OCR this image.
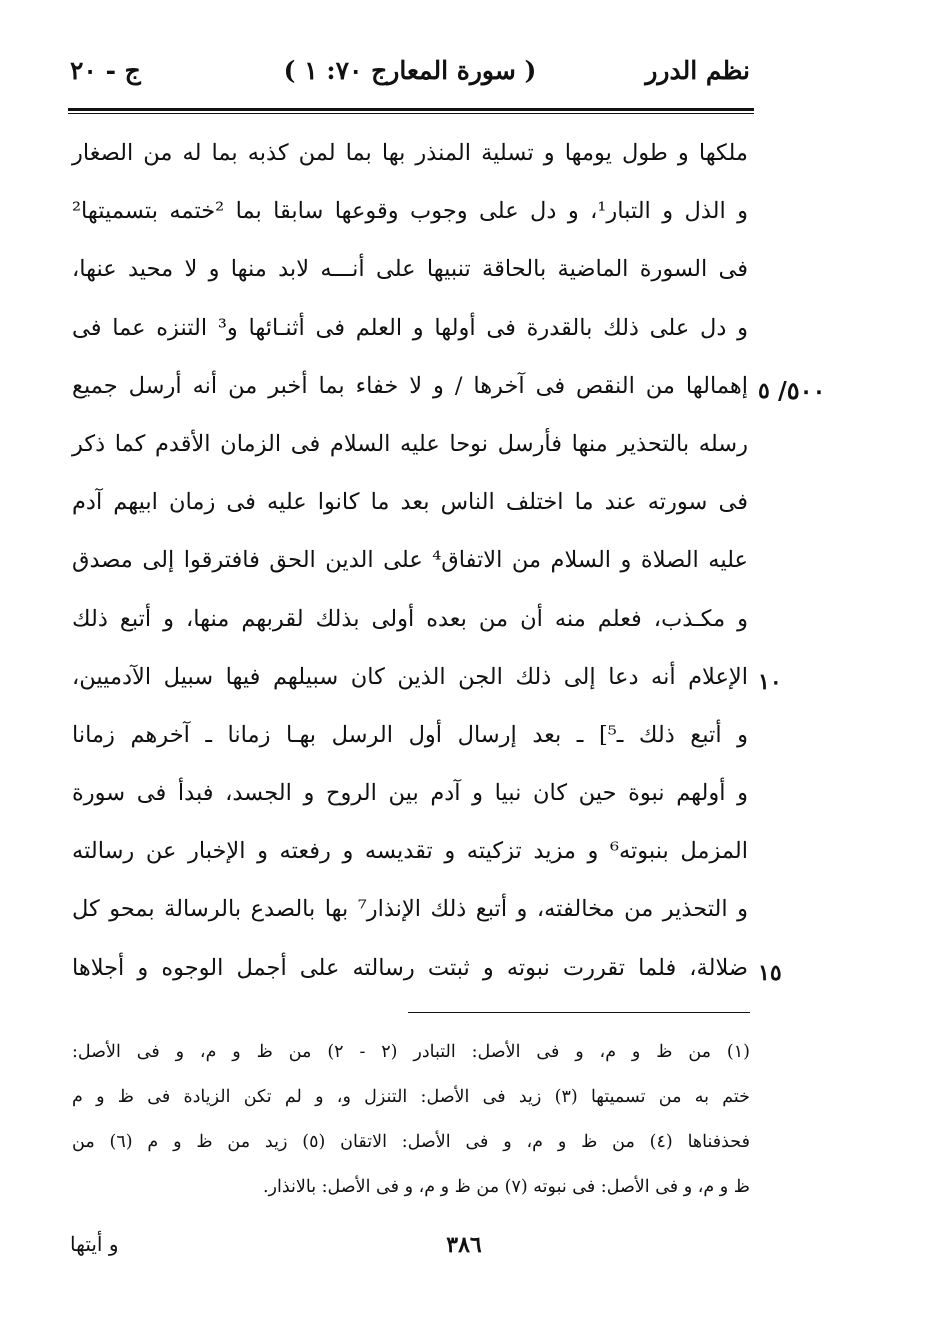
نظم الدرر
( سورة المعارج ٧٠: ١ )
ج - ٢٠
/٥٠٠
ملكها و طول يومها و تسلية المنذر بها بما لمن كذبه بما له من الصغار
و الذل و التبار¹، و دل على وجوب وقوعها سابقا بما ²ختمه بتسميتها²
فى السورة الماضية بالحاقة تنبيها على أنـــه لابد منها و لا محيد عنها،
و دل على ذلك بالقدرة فى أولها و العلم فى أثنـائها و³ التنزه عما فى
إهمالها من النقص فى آخرها / و لا خفاء بما أخبر من أنه أرسل جميع
رسله بالتحذير منها فأرسل نوحا عليه السلام فى الزمان الأقدم كما ذكر
فى سورته عند ما اختلف الناس بعد ما كانوا عليه فى زمان ابيهم آدم
عليه الصلاة و السلام من الاتفاق⁴ على الدين الحق فافترقوا إلى مصدق
و مكـذب، فعلم منه أن من بعده أولى بذلك لقربهم منها، و أتبع ذلك
الإعلام أنه دعا إلى ذلك الجن الذين كان سبيلهم فيها سبيل الآدميين،
و أتبع ذلك ـ⁵] ـ بعد إرسال أول الرسل بهـا زمانا ـ آخرهم زمانا
و أولهم نبوة حين كان نبيا و آدم بين الروح و الجسد، فبدأ فى سورة
المزمل بنبوته⁶ و مزيد تزكيته و تقديسه و رفعته و الإخبار عن رسالته
و التحذير من مخالفته، و أتبع ذلك الإنذار⁷ بها بالصدع بالرسالة بمحو كل
ضلالة، فلما تقررت نبوته و ثبتت رسالته على أجمل الوجوه و أجلاها
٥
١٠
١٥
(١) من ظ و م، و فى الأصل: التبادر (٢ - ٢) من ظ و م، و فى الأصل:
ختم به من تسميتها (٣) زيد فى الأصل: التنزل و، و لم تكن الزيادة فى ظ و م
فحذفناها (٤) من ظ و م، و فى الأصل: الاتقان (٥) زيد من ظ و م (٦) من
ظ و م، و فى الأصل: فى نبوته (٧) من ظ و م، و فى الأصل: بالانذار.
٣٨٦
و أيتها
